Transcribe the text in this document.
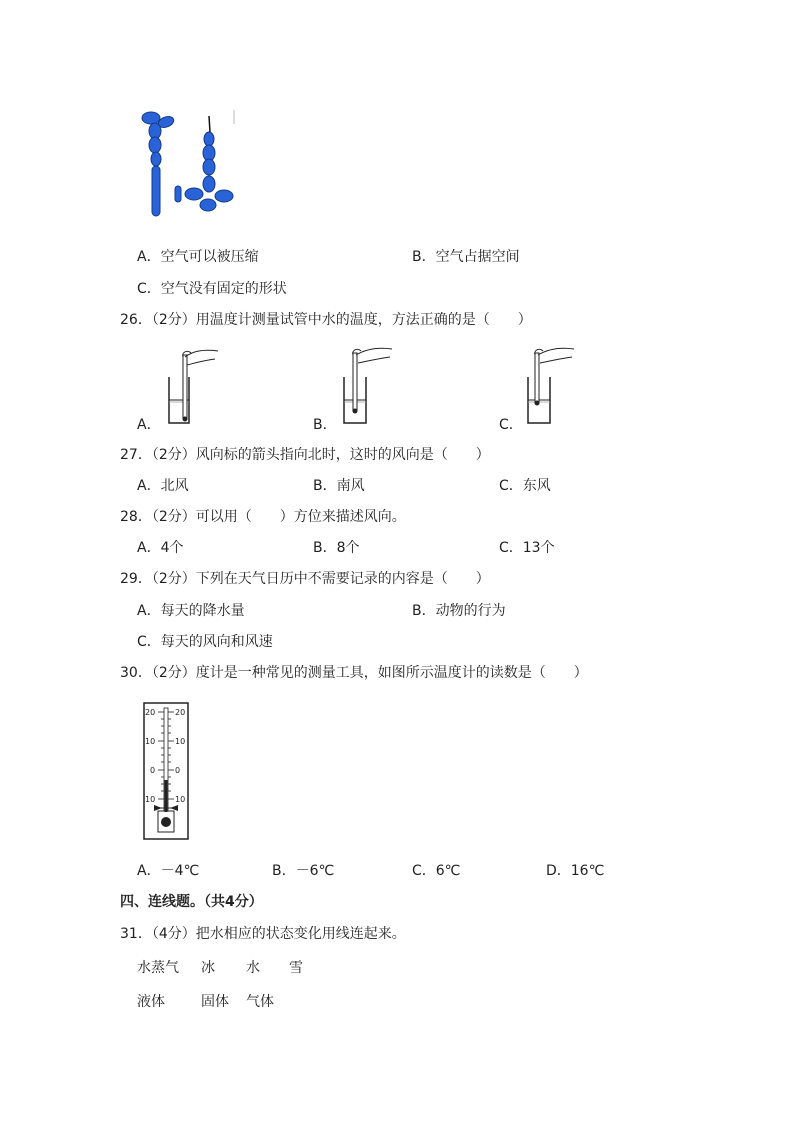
A．空气可以被压缩	B．空气占据空间
C．空气没有固定的形状
26．（2分）用温度计测量试管中水的温度，方法正确的是（　　）
A．	B．	C．
27．（2分）风向标的箭头指向北时，这时的风向是（　　）
A．北风	B．南风	C．东风
28．（2分）可以用（　　）方位来描述风向。
A．4个	B．8个	C．13个
29．（2分）下列在天气日历中不需要记录的内容是（　　）
A．每天的降水量	B．动物的行为
C．每天的风向和风速
30．（2分）度计是一种常见的测量工具，如图所示温度计的读数是（　　）
20
10
0
10
20
10
0
10
A．－4℃	B．－6℃	C．6℃	D．16℃
四、连线题。（共4分）
31．（4分）把水相应的状态变化用线连起来。
水蒸气 冰 水 雪
液体	固体 气体
